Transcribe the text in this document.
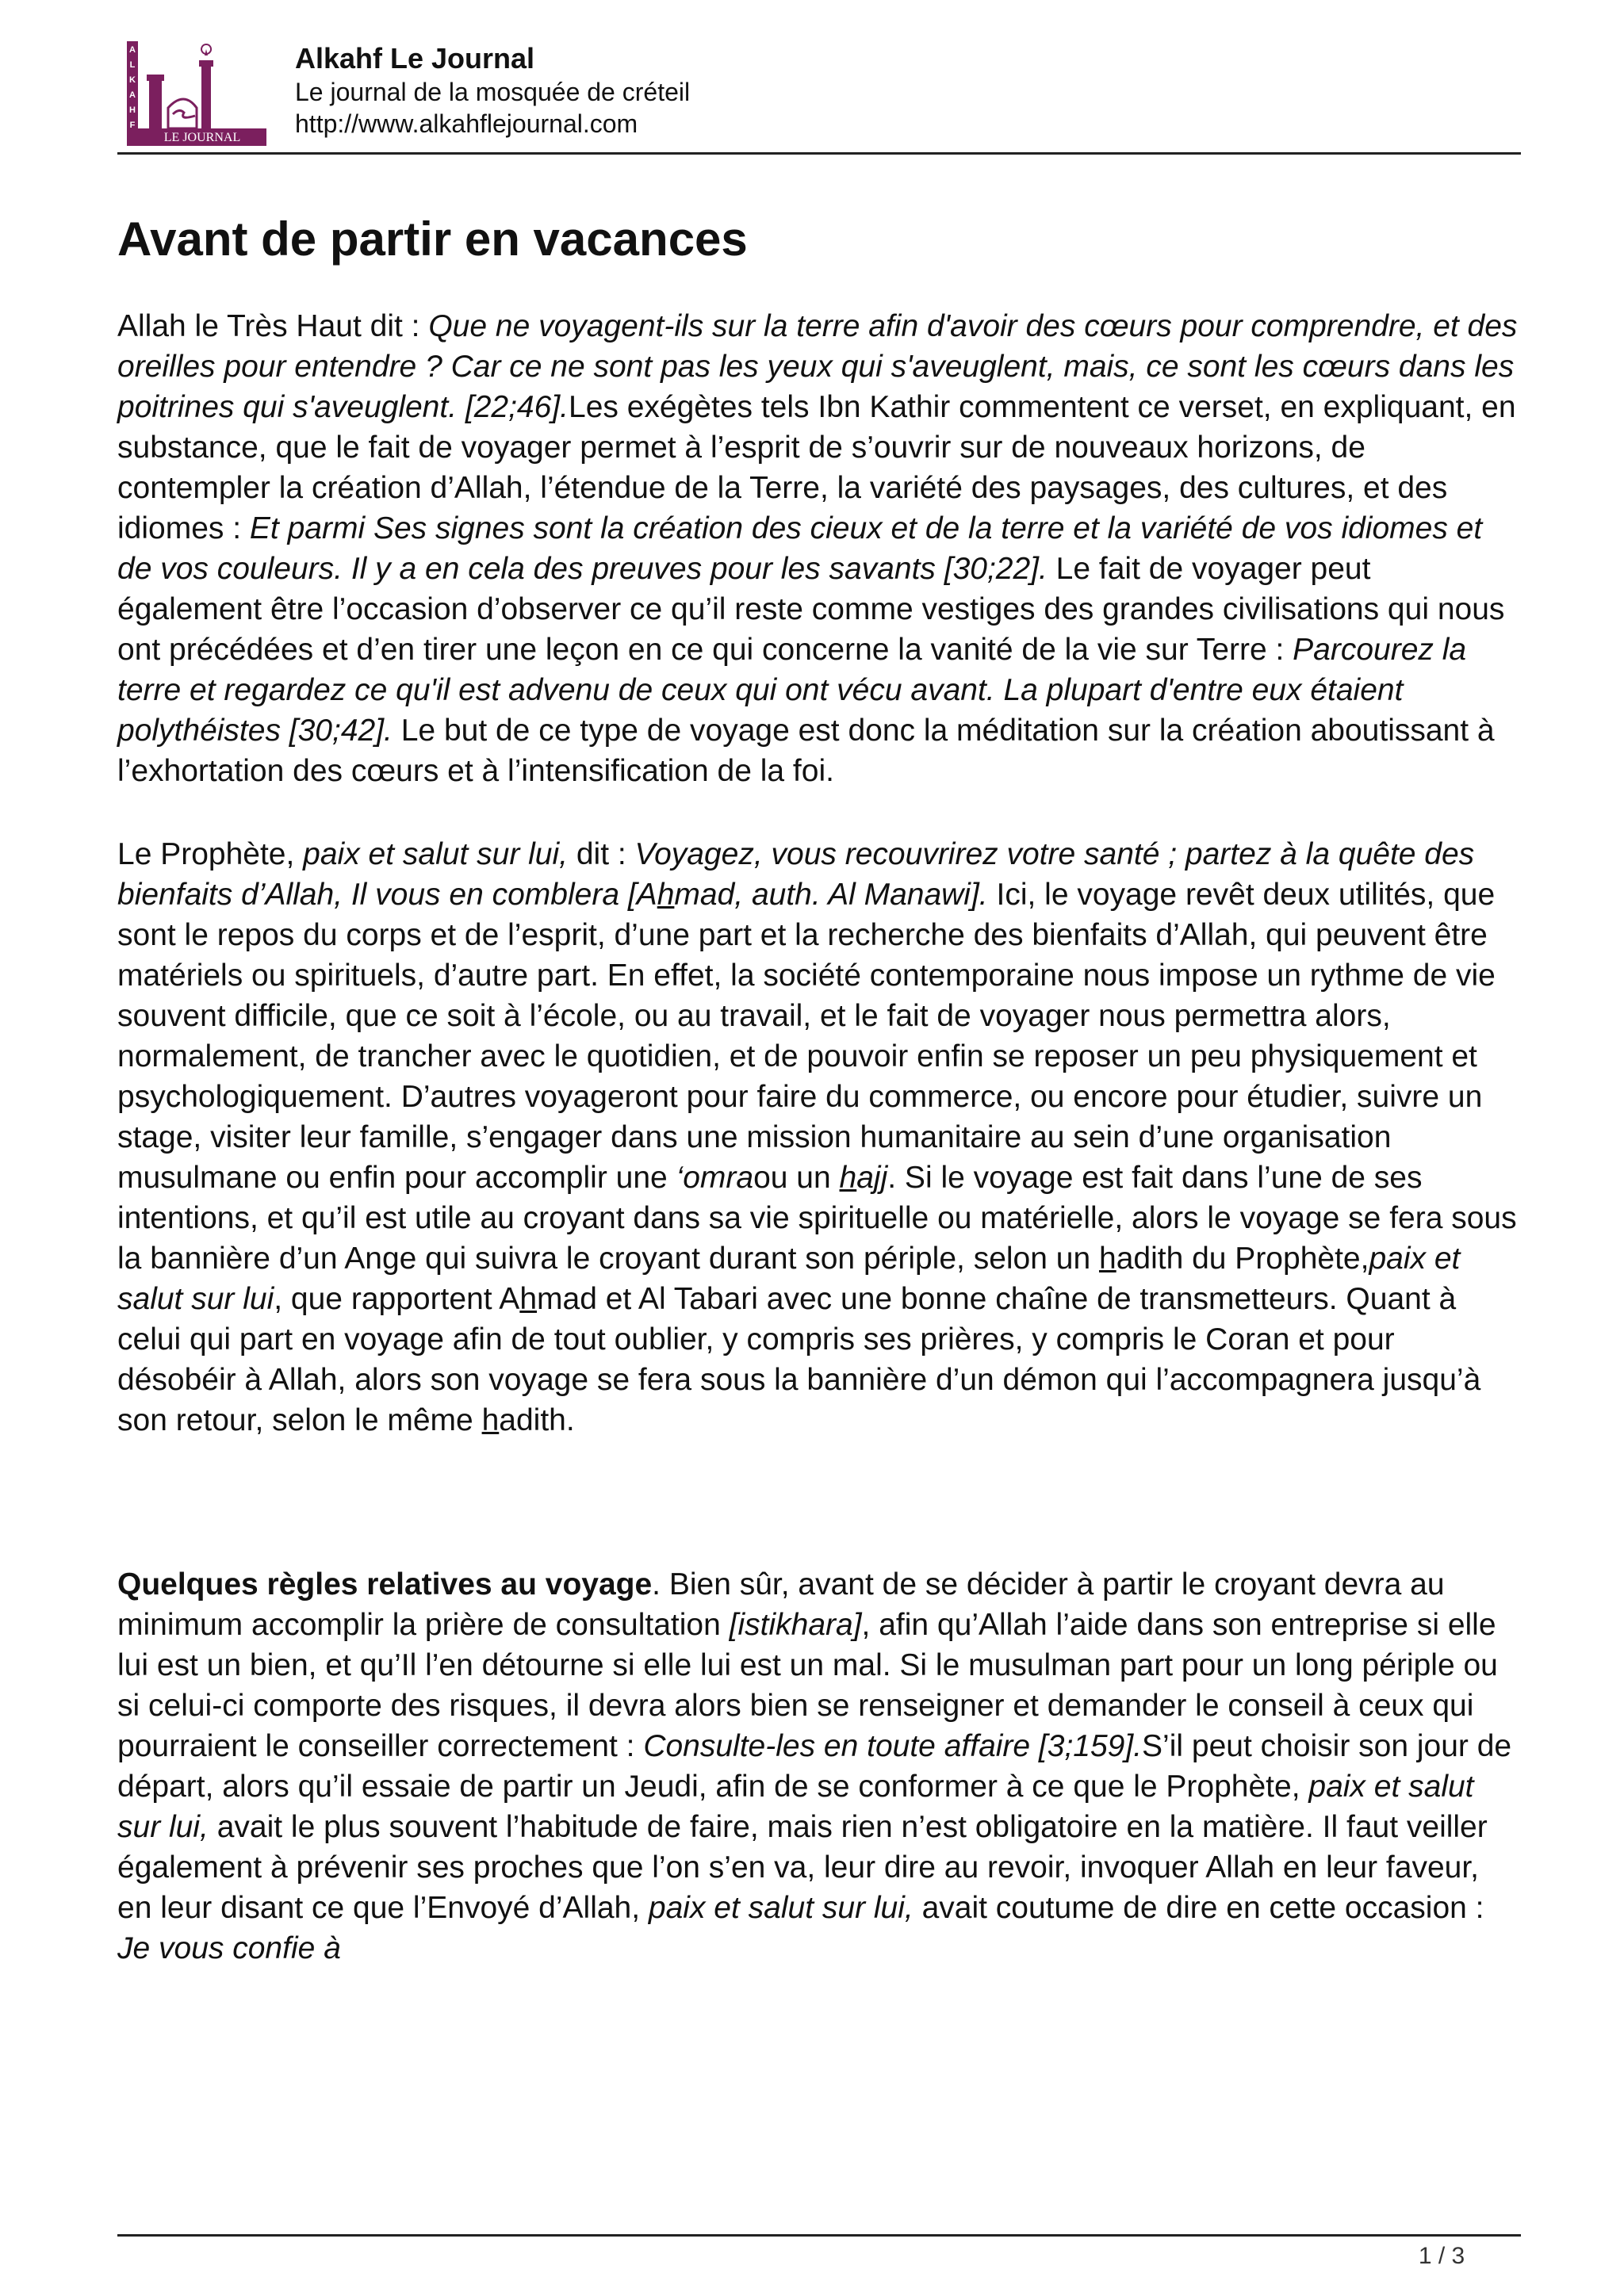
A
L
K
A
H
F
LE JOURNAL
Alkahf Le Journal
Le journal de la mosquée de créteil
http://www.alkahflejournal.com
Avant de partir en vacances

Allah le Très Haut dit : Que ne voyagent-ils sur la terre afin d'avoir des cœurs pour comprendre, et des oreilles pour entendre ? Car ce ne sont pas les yeux qui s'aveuglent, mais, ce sont les cœurs dans les poitrines qui s'aveuglent. [22;46].Les exégètes tels Ibn Kathir commentent ce verset, en expliquant, en substance, que le fait de voyager permet à l’esprit de s’ouvrir sur de nouveaux horizons, de contempler la création d’Allah, l’étendue de la Terre, la variété des paysages, des cultures, et des idiomes : Et parmi Ses signes sont la création des cieux et de la terre et la variété de vos idiomes et de vos couleurs. Il y a en cela des preuves pour les savants [30;22]. Le fait de voyager peut également être l’occasion d’observer ce qu’il reste comme vestiges des grandes civilisations qui nous ont précédées et d’en tirer une leçon en ce qui concerne la vanité de la vie sur Terre : Parcourez la terre et regardez ce qu'il est advenu de ceux qui ont vécu avant. La plupart d'entre eux étaient polythéistes [30;42]. Le but de ce type de voyage est donc la méditation sur la création aboutissant à l’exhortation des cœurs et à l’intensification de la foi.

Le Prophète, paix et salut sur lui, dit : Voyagez, vous recouvrirez votre santé ; partez à la quête des bienfaits d’Allah, Il vous en comblera [Ahmad, auth. Al Manawi]. Ici, le voyage revêt deux utilités, que sont le repos du corps et de l’esprit, d’une part et la recherche des bienfaits d’Allah, qui peuvent être matériels ou spirituels, d’autre part. En effet, la société contemporaine nous impose un rythme de vie souvent difficile, que ce soit à l’école, ou au travail, et le fait de voyager nous permettra alors, normalement, de trancher avec le quotidien, et de pouvoir enfin se reposer un peu physiquement et psychologiquement. D’autres voyageront pour faire du commerce, ou encore pour étudier, suivre un stage, visiter leur famille, s’engager dans une mission humanitaire au sein d’une organisation musulmane ou enfin pour accomplir une ‘omraou un hajj. Si le voyage est fait dans l’une de ses intentions, et qu’il est utile au croyant dans sa vie spirituelle ou matérielle, alors le voyage se fera sous la bannière d’un Ange qui suivra le croyant durant son périple, selon un hadith du Prophète,paix et salut sur lui, que rapportent Ahmad et Al Tabari avec une bonne chaîne de transmetteurs. Quant à celui qui part en voyage afin de tout oublier, y compris ses prières, y compris le Coran et pour désobéir à Allah, alors son voyage se fera sous la bannière d’un démon qui l’accompagnera jusqu’à son retour, selon le même hadith.

Quelques règles relatives au voyage. Bien sûr, avant de se décider à partir le croyant devra au minimum accomplir la prière de consultation [istikhara], afin qu’Allah l’aide dans son entreprise si elle lui est un bien, et qu’Il l’en détourne si elle lui est un mal. Si le musulman part pour un long périple ou si celui-ci comporte des risques, il devra alors bien se renseigner et demander le conseil à ceux qui pourraient le conseiller correctement : Consulte-les en toute affaire [3;159].S’il peut choisir son jour de départ, alors qu’il essaie de partir un Jeudi, afin de se conformer à ce que le Prophète, paix et salut sur lui, avait le plus souvent l’habitude de faire, mais rien n’est obligatoire en la matière. Il faut veiller également à prévenir ses proches que l’on s’en va, leur dire au revoir, invoquer Allah en leur faveur, en leur disant ce que l’Envoyé d’Allah, paix et salut sur lui, avait coutume de dire en cette occasion : Je vous confie à

1 / 3
